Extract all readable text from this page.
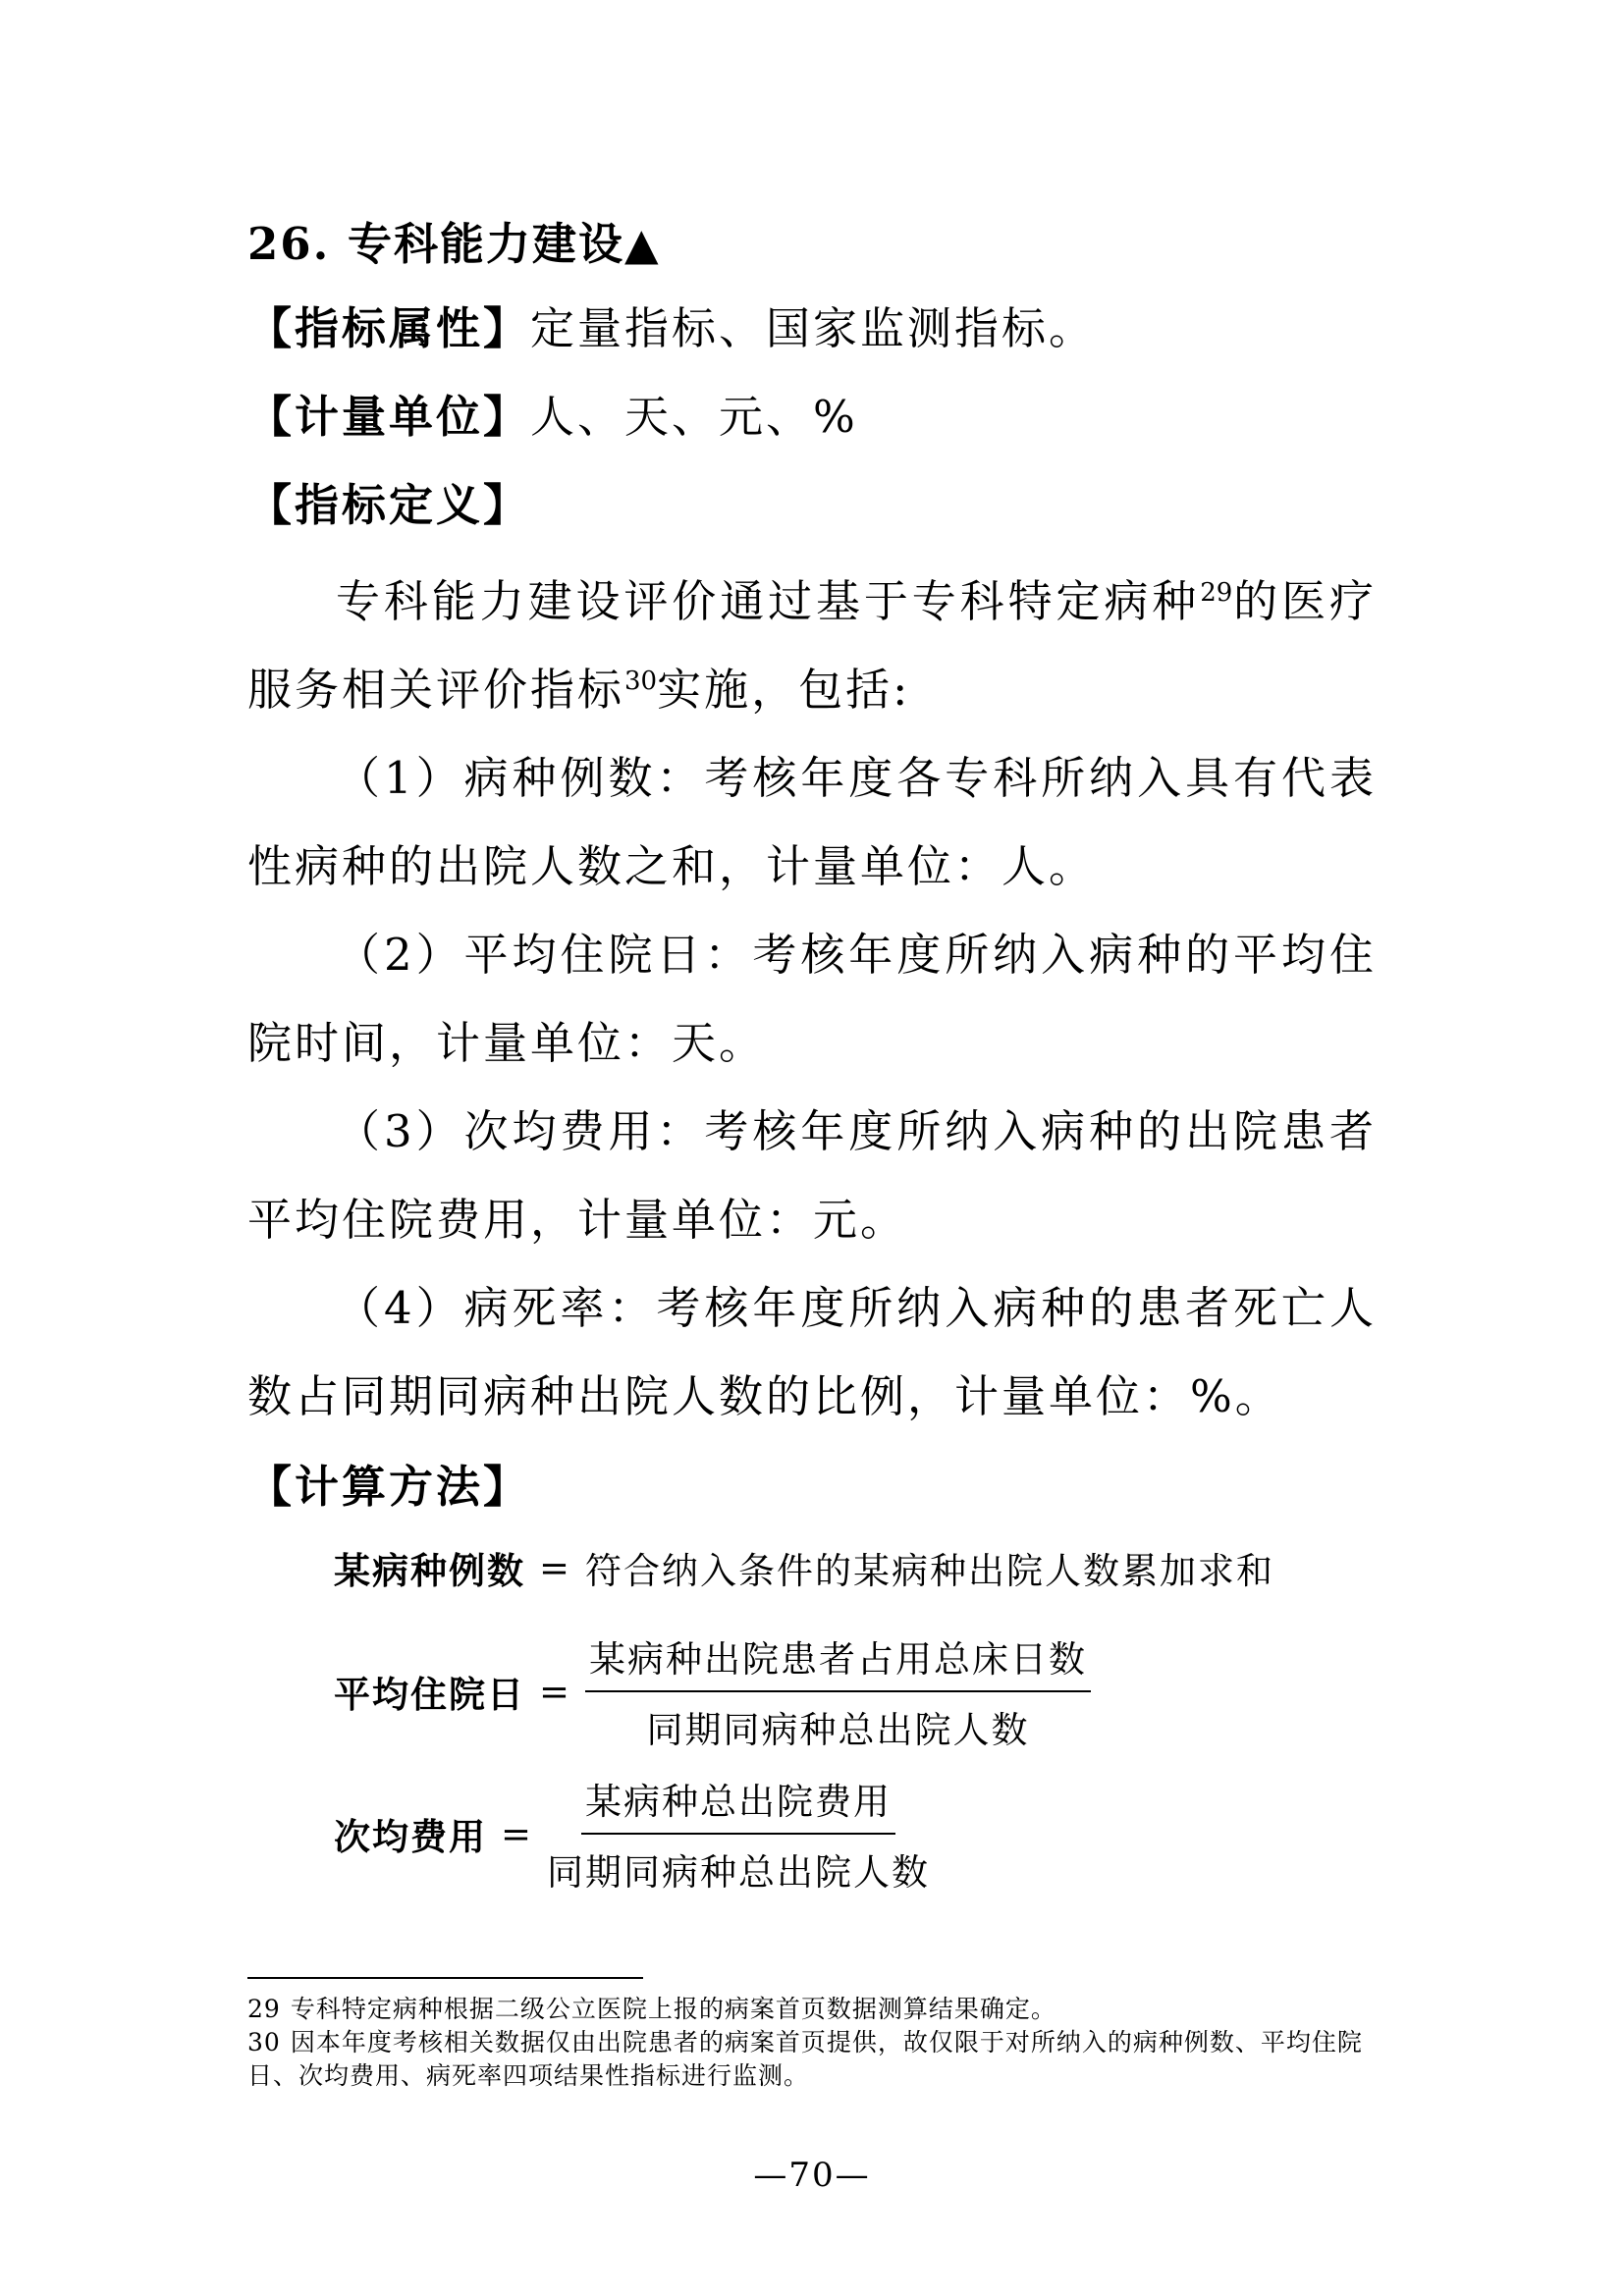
26. 专科能力建设▲
【指标属性】定量指标、国家监测指标。
【计量单位】人、天、元、%
【指标定义】
专科能力建设评价通过基于专科特定病种$^{29}$的医疗服务相关评价指标$^{30}$实施，包括:
（1）病种例数：考核年度各专科所纳入具有代表性病种的出院人数之和，计量单位：人。
（2）平均住院日：考核年度所纳入病种的平均住院时间，计量单位：天。
（3）次均费用：考核年度所纳入病种的出院患者平均住院费用，计量单位：元。
（4）病死率：考核年度所纳入病种的患者死亡人数占同期同病种出院人数的比例，计量单位：%。
【计算方法】
某病种例数 = 符合纳入条件的某病种出院人数累加求和
平均住院日 = $\frac{\text{某病种出院患者占用总床日数}}{\text{同期同病种总出院人数}}$
次均费用 = $\frac{\text{某病种总出院费用}}{\text{同期同病种总出院人数}}$
29 专科特定病种根据二级公立医院上报的病案首页数据测算结果确定。
30 因本年度考核相关数据仅由出院患者的病案首页提供，故仅限于对所纳入的病种例数、平均住院日、次均费用、病死率四项结果性指标进行监测。
—70—
